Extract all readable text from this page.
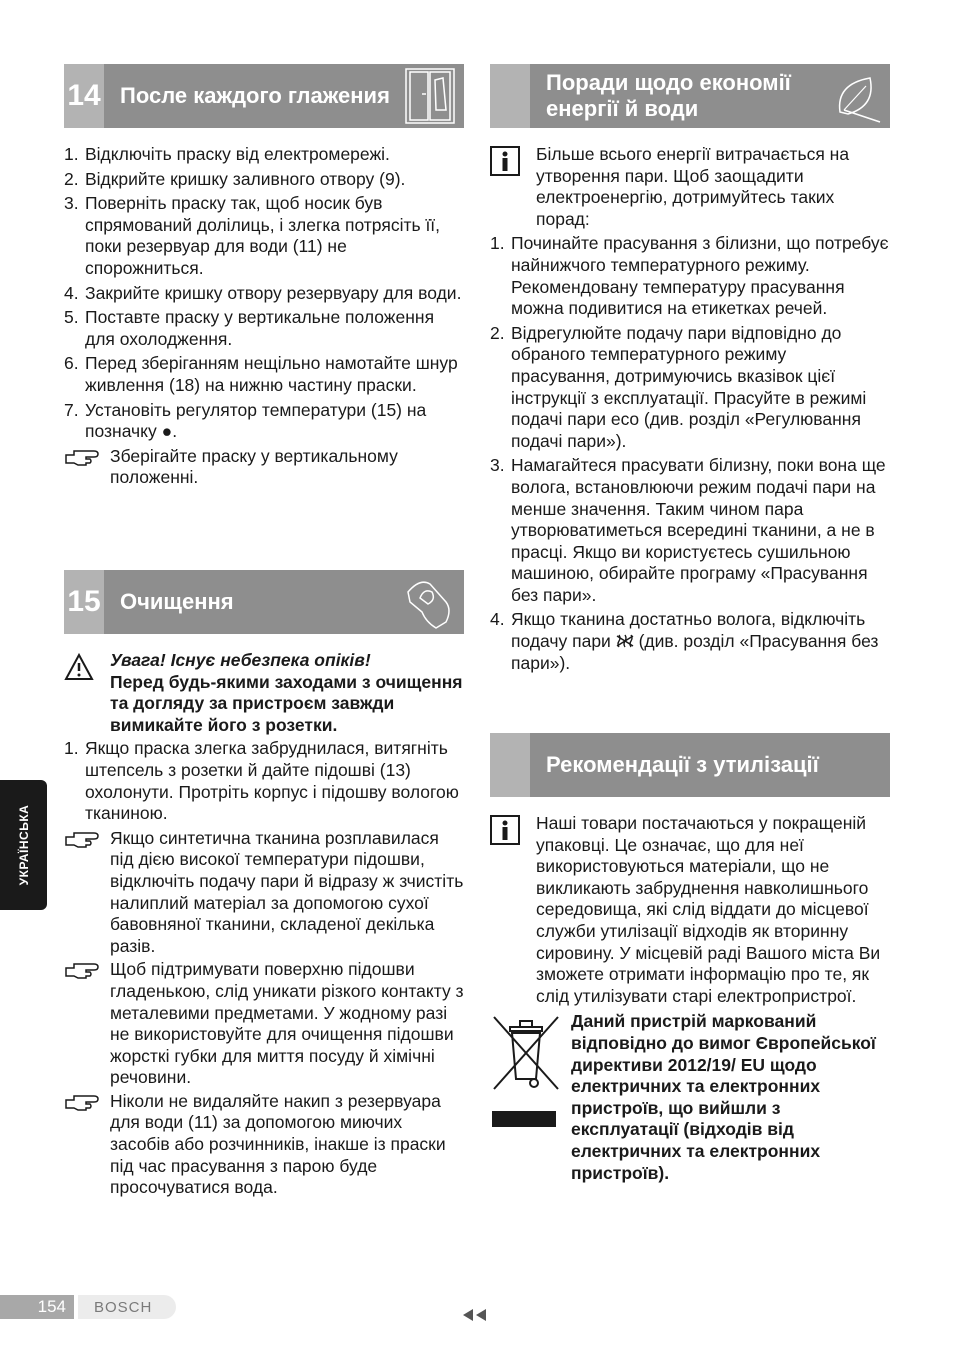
14 После каждого глажения
1. Відключіть праску від електромережі.
2. Відкрийте кришку заливного отвору (9).
3. Поверніть праску так, щоб носик був спрямований долілиць, і злегка потрясіть її, поки резервуар для води (11) не спорожниться.
4. Закрийте кришку отвору резервуару для води.
5. Поставте праску у вертикальне положення для охолодження.
6. Перед зберіганням нещільно намотайте шнур живлення (18) на нижню частину праски.
7. Установіть регулятор температури (15) на позначку ●.
Зберігайте праску у вертикальному положенні.
15 Очищення
Увага! Існує небезпека опіків!
Перед будь-якими заходами з очищення та догляду за пристроєм завжди вимикайте його з розетки.
1. Якщо праска злегка забруднилася, витягніть штепсель з розетки й дайте підошві (13) охолонути. Протріть корпус і підошву вологою тканиною.
Якщо синтетична тканина розплавилася під дією високої температури підошви, відключіть подачу пари й відразу ж зчистіть налиплий матеріал за допомогою сухої бавовняної тканини, складеної декілька разів.
Щоб підтримувати поверхню підошви гладенькою, слід уникати різкого контакту з металевими предметами. У жодному разі не використовуйте для очищення підошви жорсткі губки для миття посуду й хімічні речовини.
Ніколи не видаляйте накип з резервуара для води (11) за допомогою миючих засобів або розчинників, інакше із праски під час прасування з парою буде просочуватися вода.
Поради щодо економії енергії й води
Більше всього енергії витрачається на утворення пари. Щоб заощадити електроенергію, дотримуйтесь таких порад:
1. Починайте прасування з білизни, що потребує найнижчого температурного режиму. Рекомендовану температуру прасування можна подивитися на етикетках речей.
2. Відрегулюйте подачу пари відповідно до обраного температурного режиму прасування, дотримуючись вказівок цієї інструкції з експлуатації. Прасуйте в режимі подачі пари eco (див. розділ «Регулювання подачі пари»).
3. Намагайтеся прасувати білизну, поки вона ще волога, встановлюючи режим подачі пари на менше значення. Таким чином пара утворюватиметься всередині тканини, а не в прасці. Якщо ви користуєтесь сушильною машиною, обирайте програму «Прасування без пари».
4. Якщо тканина достатньо волога, відключіть подачу пари  (див. розділ «Прасування без пари»).
Рекомендації з утилізації
Наші товари постачаються у покращеній упаковці. Це означає, що для неї використовуються матеріали, що не викликають забруднення навколишнього середовища, які слід віддати до місцевої служби утилізації відходів як вторинну сировину. У місцевій раді Вашого міста Ви зможете отримати інформацію про те, як слід утилізувати старі електропристрої.
Даний пристрій маркований відповідно до вимог Європейської директиви 2012/19/ EU щодо електричних та електронних пристроїв, що вийшли з експлуатації (відходів від електричних та електронних пристроїв).
УКРАЇНСЬКА
154	BOSCH
